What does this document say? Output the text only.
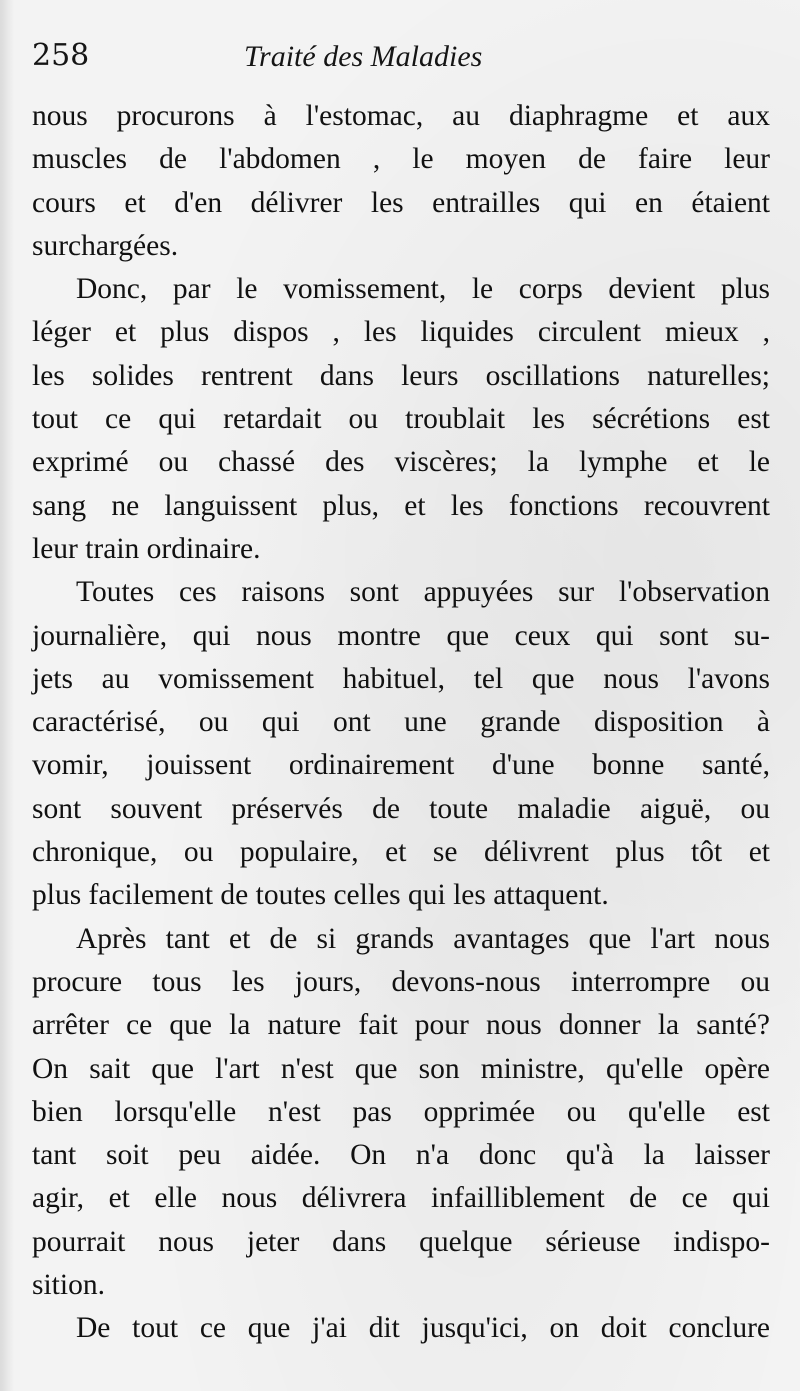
258	Traité des Maladies
nous procurons à l'estomac, au diaphragme et aux
muscles de l'abdomen , le moyen de faire leur
cours et d'en délivrer les entrailles qui en étaient
surchargées.
Donc, par le vomissement, le corps devient plus
léger et plus dispos , les liquides circulent mieux ,
les solides rentrent dans leurs oscillations naturelles;
tout ce qui retardait ou troublait les sécrétions est
exprimé ou chassé des viscères; la lymphe et le
sang ne languissent plus, et les fonctions recouvrent
leur train ordinaire.
Toutes ces raisons sont appuyées sur l'observation
journalière, qui nous montre que ceux qui sont su-
jets au vomissement habituel, tel que nous l'avons
caractérisé, ou qui ont une grande disposition à
vomir, jouissent ordinairement d'une bonne santé,
sont souvent préservés de toute maladie aiguë, ou
chronique, ou populaire, et se délivrent plus tôt et
plus facilement de toutes celles qui les attaquent.
Après tant et de si grands avantages que l'art nous
procure tous les jours, devons-nous interrompre ou
arrêter ce que la nature fait pour nous donner la santé?
On sait que l'art n'est que son ministre, qu'elle opère
bien lorsqu'elle n'est pas opprimée ou qu'elle est
tant soit peu aidée. On n'a donc qu'à la laisser
agir, et elle nous délivrera infailliblement de ce qui
pourrait nous jeter dans quelque sérieuse indispo-
sition.
De tout ce que j'ai dit jusqu'ici, on doit conclure
